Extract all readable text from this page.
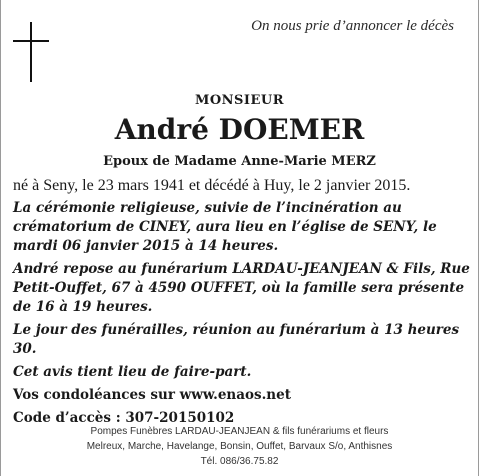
On nous prie d’annoncer le décès
MONSIEUR
André DOEMER
Epoux de Madame Anne-Marie MERZ

né à Seny, le 23 mars 1941 et décédé à Huy, le 2 janvier 2015.

La cérémonie religieuse, suivie de l’incinération au crématorium de CINEY, aura lieu en l’église de SENY, le mardi 06 janvier 2015 à 14 heures.

André repose au funérarium LARDAU-JEANJEAN & Fils, Rue Petit-Ouffet, 67 à 4590 OUFFET, où la famille sera présente de 16 à 19 heures.

Le jour des funérailles, réunion au funérarium à 13 heures 30.

Cet avis tient lieu de faire-part.

Vos condoléances sur www.enaos.net

Code d’accès : 307-20150102

Pompes Funèbres LARDAU-JEANJEAN & fils funérariums et fleurs
Melreux, Marche, Havelange, Bonsin, Ouffet, Barvaux S/o, Anthisnes
Tél. 086/36.75.82
